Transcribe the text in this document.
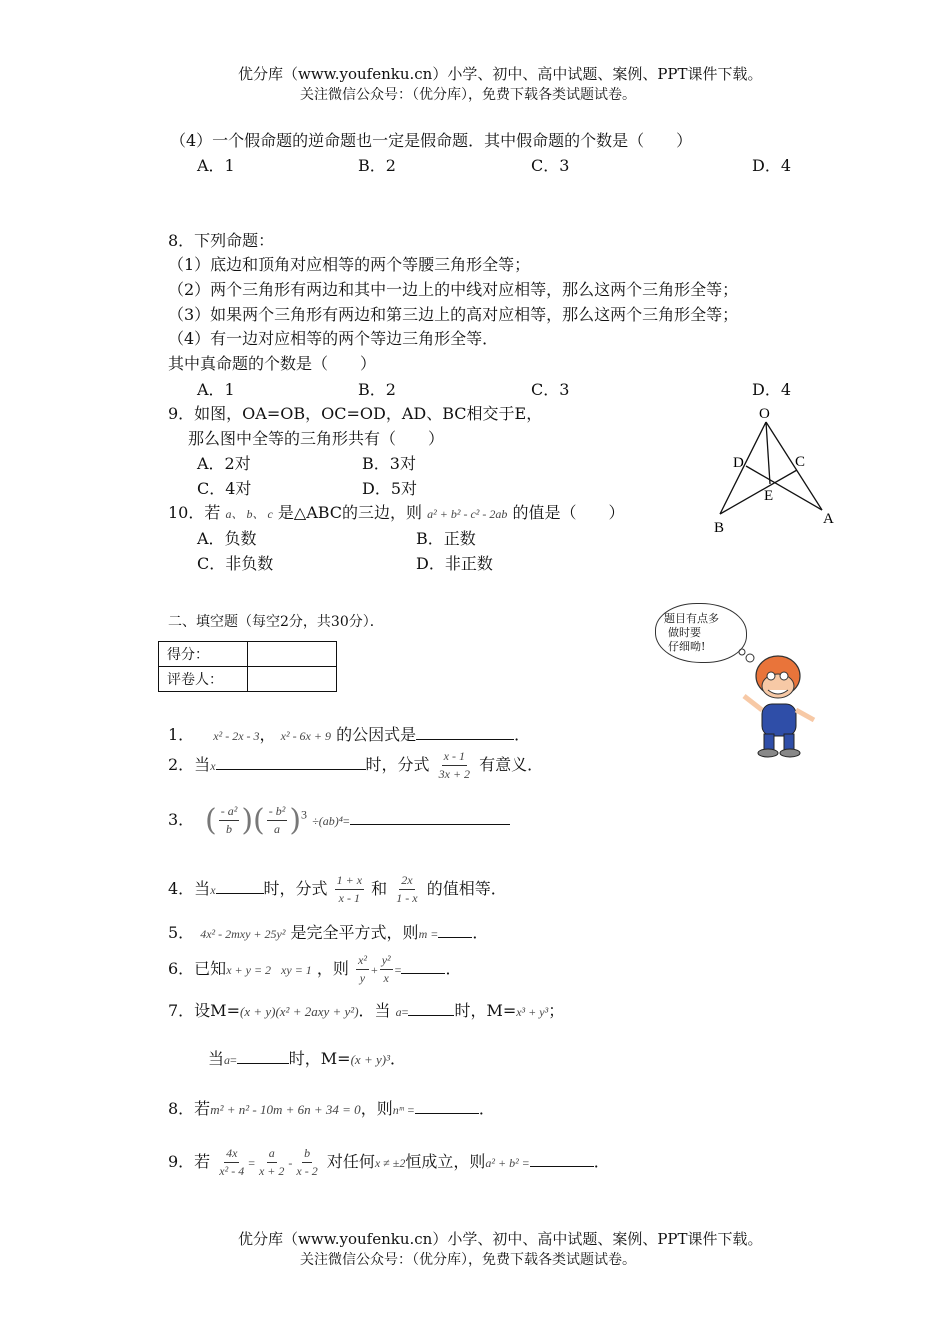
优分库（www.youfenku.cn）小学、初中、高中试题、案例、PPT课件下载。
关注微信公众号：（优分库），免费下载各类试题试卷。
（4）一个假命题的逆命题也一定是假命题．其中假命题的个数是（　　）
A．1	B．2	C．3	D．4
8．下列命题：
（1）底边和顶角对应相等的两个等腰三角形全等；
（2）两个三角形有两边和其中一边上的中线对应相等，那么这两个三角形全等；
（3）如果两个三角形有两边和第三边上的高对应相等，那么这两个三角形全等；
（4）有一边对应相等的两个等边三角形全等．
其中真命题的个数是（　　）
A．1	B．2	C．3	D．4
9．如图，OA=OB，OC=OD，AD、BC相交于E，
那么图中全等的三角形共有（　　）
A．2对	B．3对
C．4对	D．5对
O
D	C
E
B
A
10．若 a、 b、 c 是△ABC的三边，则 a² + b² - c² - 2ab 的值是（　　）
A．负数	B．正数
C．非负数	D．非正数
二、填空题（每空2分，共30分）．
得分：	
评卷人：	
题目有点多
做时要
仔细呦!
1． x² - 2x - 3， x² - 6x + 9 的公因式是	．
2．当x	时，分式 $\frac{x - 1}{3x + 2}$ 有意义．
3． ( $\frac{\text{- a²}}{b}$ )( $\frac{\text{- b²}}{a} )^3 \div(ab)^4=$
4．当x	时，分式 $\frac{1 + x}{x - 1}$ 和 $\frac{2x}{1 - x}$ 的值相等．
5． 4x² - 2mxy + 25y² 是完全平方式，则m = ．
6．已知x + y = 2 xy = 1 ，则 $\frac{\text{x²}}{y} + \frac{\text{y²}}{x}$ =	．
7．设M=(x + y)(x² + 2axy + y²)．当 a=	时，M=x³ + y³；
当a=	时，M=(x + y)³．
8．若m² + n² - 10m + 6n + 34 = 0，则nᵐ =	．
9．若 $\frac{4x}{\text{x² - 4}} = \frac{a}{x + 2} - \frac{b}{x - 2}$ 对任何x ≠ ±2恒成立，则a² + b² =	．
优分库（www.youfenku.cn）小学、初中、高中试题、案例、PPT课件下载。
关注微信公众号：（优分库），免费下载各类试题试卷。
